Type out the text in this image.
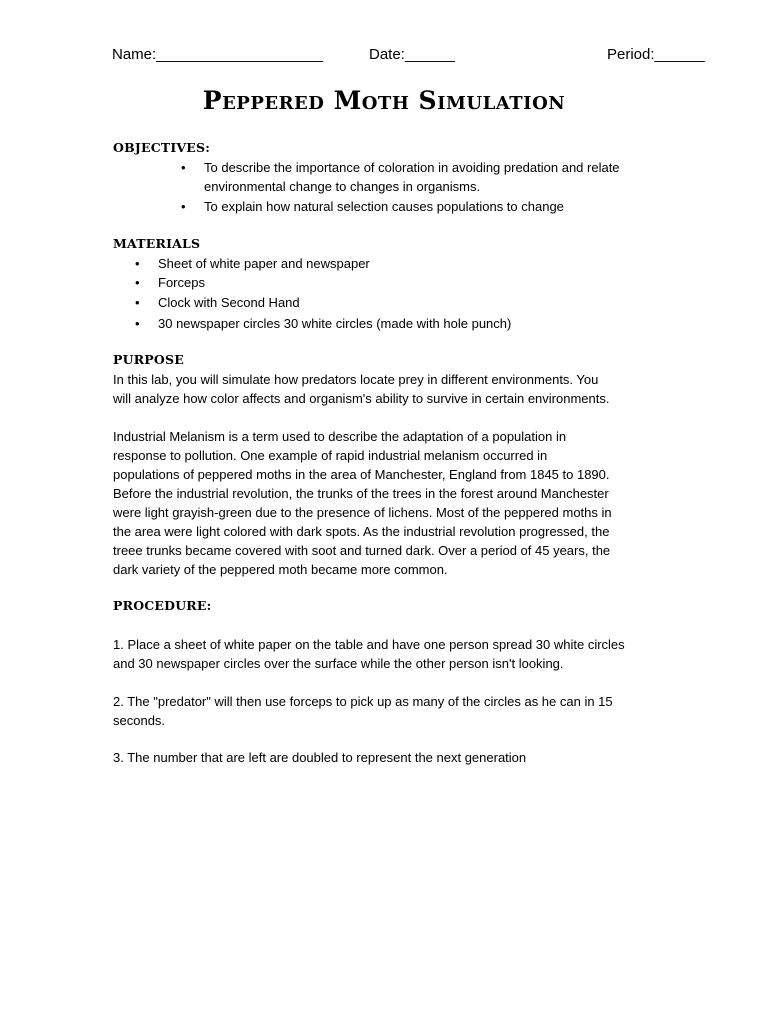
Name:____________________	Date:______	Period:______
Peppered Moth Simulation
OBJECTIVES:
• To describe the importance of coloration in avoiding predation and relate
environmental change to changes in organisms.
• To explain how natural selection causes populations to change
MATERIALS
• Sheet of white paper and newspaper
• Forceps
• Clock with Second Hand
• 30 newspaper circles 30 white circles (made with hole punch)
PURPOSE
In this lab, you will simulate how predators locate prey in different environments. You
will analyze how color affects and organism's ability to survive in certain environments.
Industrial Melanism is a term used to describe the adaptation of a population in
response to pollution. One example of rapid industrial melanism occurred in
populations of peppered moths in the area of Manchester, England from 1845 to 1890.
Before the industrial revolution, the trunks of the trees in the forest around Manchester
were light grayish-green due to the presence of lichens. Most of the peppered moths in
the area were light colored with dark spots. As the industrial revolution progressed, the
treee trunks became covered with soot and turned dark. Over a period of 45 years, the
dark variety of the peppered moth became more common.
PROCEDURE:
1. Place a sheet of white paper on the table and have one person spread 30 white circles
and 30 newspaper circles over the surface while the other person isn't looking.
2. The "predator" will then use forceps to pick up as many of the circles as he can in 15
seconds.
3. The number that are left are doubled to represent the next generation
